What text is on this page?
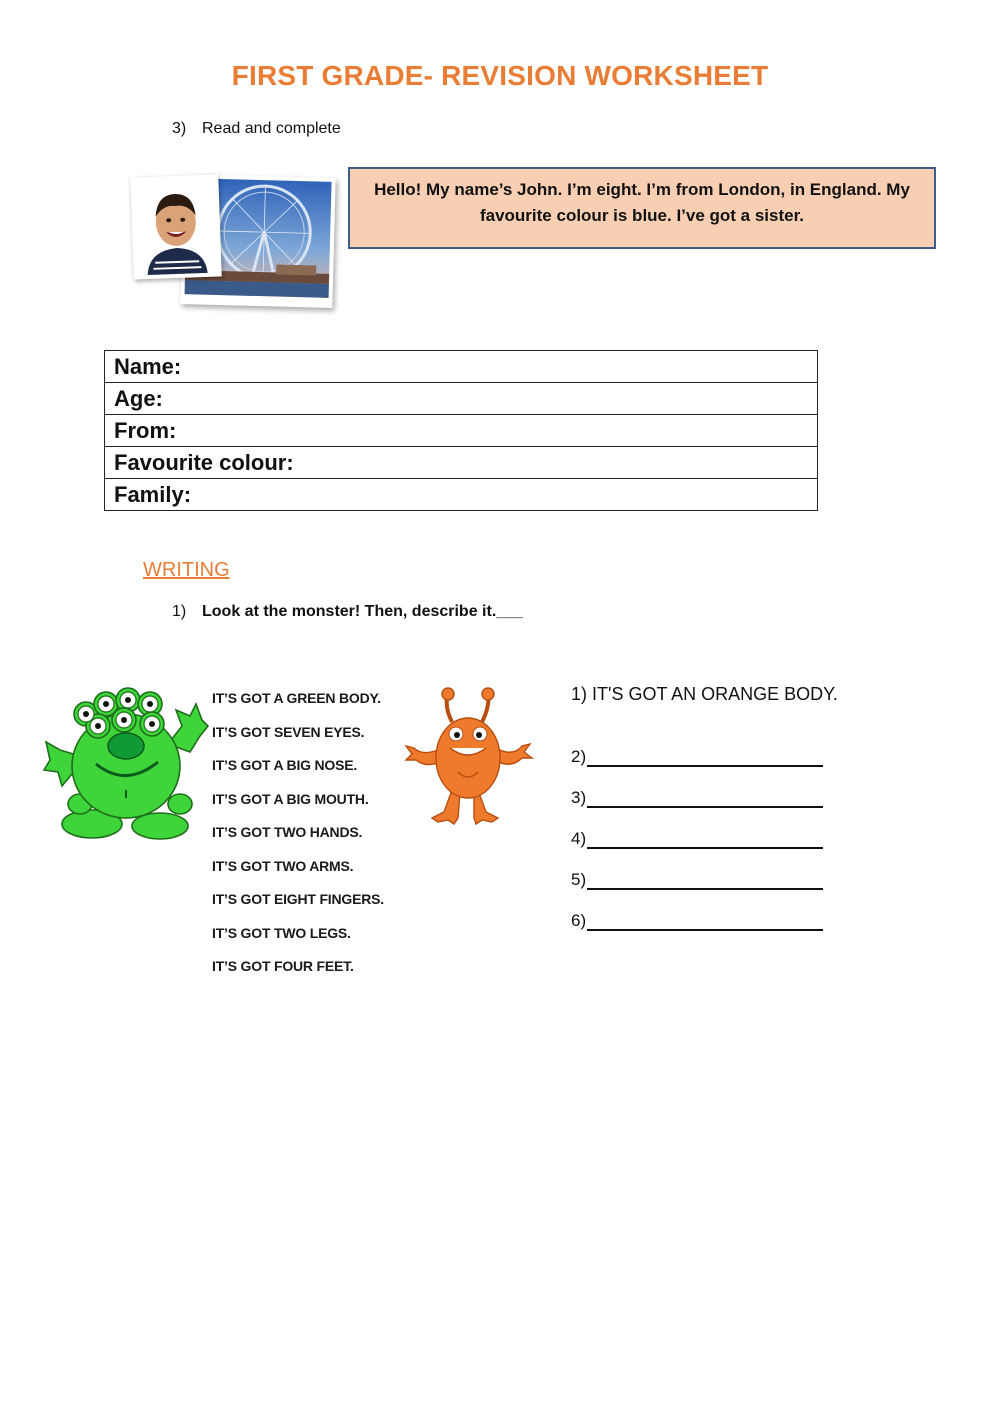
FIRST GRADE- REVISION WORKSHEET
3) Read and complete
Hello! My name’s John. I’m eight. I’m from London, in England. My favourite colour is blue. I’ve got a sister.
Name:
Age:
From:
Favourite colour:
Family:
WRITING
1) Look at the monster! Then, describe it.___
IT’S GOT A GREEN BODY.
IT’S GOT SEVEN EYES.
IT’S GOT A BIG NOSE.
IT’S GOT A BIG MOUTH.
IT’S GOT TWO HANDS.
IT’S GOT TWO ARMS.
IT’S GOT EIGHT FINGERS.
IT’S GOT TWO LEGS.
IT’S GOT FOUR FEET.
1) IT'S GOT AN ORANGE BODY.
2)
3)
4)
5)
6)
